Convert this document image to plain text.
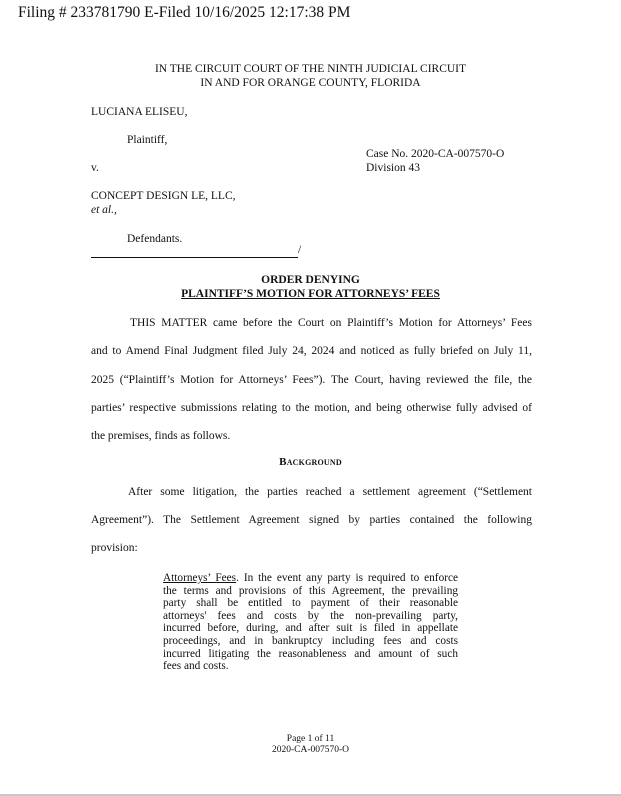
Filing # 233781790 E-Filed 10/16/2025 12:17:38 PM
IN THE CIRCUIT COURT OF THE NINTH JUDICIAL CIRCUIT
IN AND FOR ORANGE COUNTY, FLORIDA
LUCIANA ELISEU,
Plaintiff,
Case No. 2020-CA-007570-O
Division 43
v.
CONCEPT DESIGN LE, LLC,
et al.,
Defendants.
/
ORDER DENYING
PLAINTIFF’S MOTION FOR ATTORNEYS’ FEES
THIS MATTER came before the Court on Plaintiff’s Motion for Attorneys’ Fees
and to Amend Final Judgment filed July 24, 2024 and noticed as fully briefed on July 11,
2025 (“Plaintiff’s Motion for Attorneys’ Fees”). The Court, having reviewed the file, the
parties’ respective submissions relating to the motion, and being otherwise fully advised of
the premises, finds as follows.
Background
After some litigation, the parties reached a settlement agreement (“Settlement
Agreement”). The Settlement Agreement signed by parties contained the following
provision:
Attorneys’ Fees. In the event any party is required to enforce
the terms and provisions of this Agreement, the prevailing
party shall be entitled to payment of their reasonable
attorneys' fees and costs by the non-prevailing party,
incurred before, during, and after suit is filed in appellate
proceedings, and in bankruptcy including fees and costs
incurred litigating the reasonableness and amount of such
fees and costs.
Page 1 of 11
2020-CA-007570-O
